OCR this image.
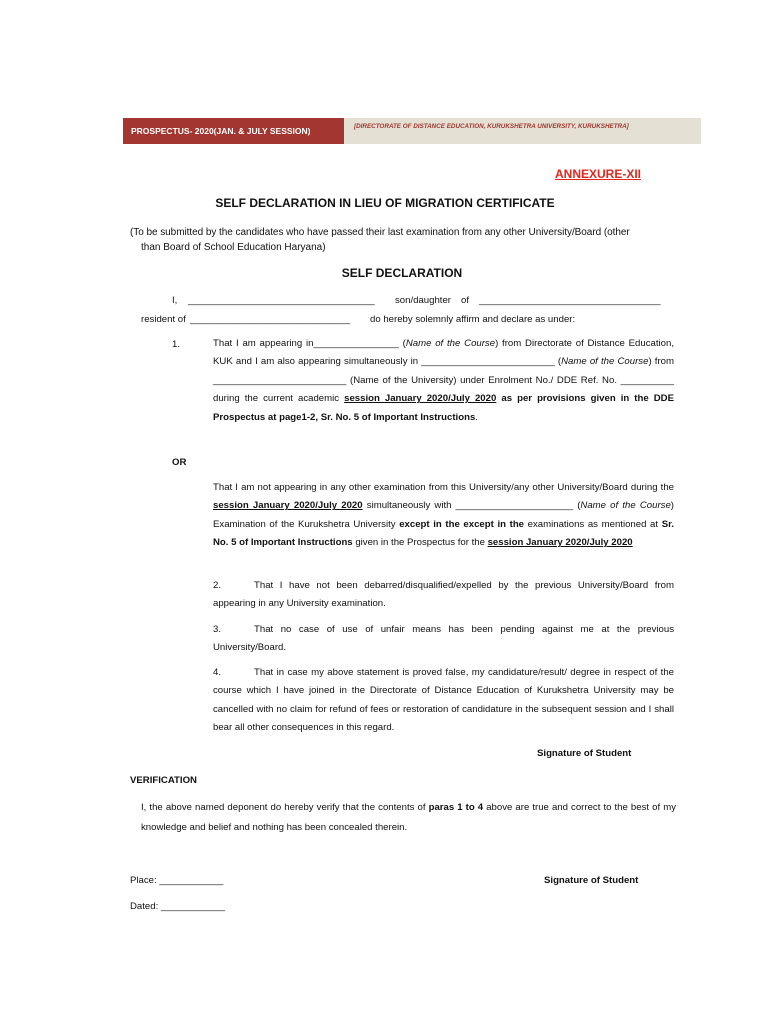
PROSPECTUS- 2020(JAN. & JULY SESSION)	[DIRECTORATE OF DISTANCE EDUCATION, KURUKSHETRA UNIVERSITY, KURUKSHETRA]
ANNEXURE-XII
SELF DECLARATION IN LIEU OF MIGRATION CERTIFICATE
(To be submitted by the candidates who have passed their last examination from any other University/Board (other
than Board of School Education Haryana)
SELF DECLARATION
I, ___________________________________ son/daughter of __________________________________
resident of ______________________________ do hereby solemnly affirm and declare as under:
1.	That I am appearing in________________ (Name of the Course) from Directorate of Distance Education, KUK and I am also appearing simultaneously in _________________________ (Name of the Course) from _________________________ (Name of the University) under Enrolment No./ DDE Ref. No. __________ during the current academic session January 2020/July 2020 as per provisions given in the DDE Prospectus at page1-2, Sr. No. 5 of Important Instructions.
OR
That I am not appearing in any other examination from this University/any other University/Board during the session January 2020/July 2020 simultaneously with ______________________ (Name of the Course) Examination of the Kurukshetra University except in the except in the examinations as mentioned at Sr. No. 5 of Important Instructions given in the Prospectus for the session January 2020/July 2020
2.	That I have not been debarred/disqualified/expelled by the previous University/Board from appearing in any University examination.
3.	That no case of use of unfair means has been pending against me at the previous University/Board.
4.	That in case my above statement is proved false, my candidature/result/ degree in respect of the course which I have joined in the Directorate of Distance Education of Kurukshetra University may be cancelled with no claim for refund of fees or restoration of candidature in the subsequent session and I shall bear all other consequences in this regard.
Signature of Student
VERIFICATION
I, the above named deponent do hereby verify that the contents of paras 1 to 4 above are true and correct to the best of my knowledge and belief and nothing has been concealed therein.
Place: ____________	Signature of Student
Dated: ____________
